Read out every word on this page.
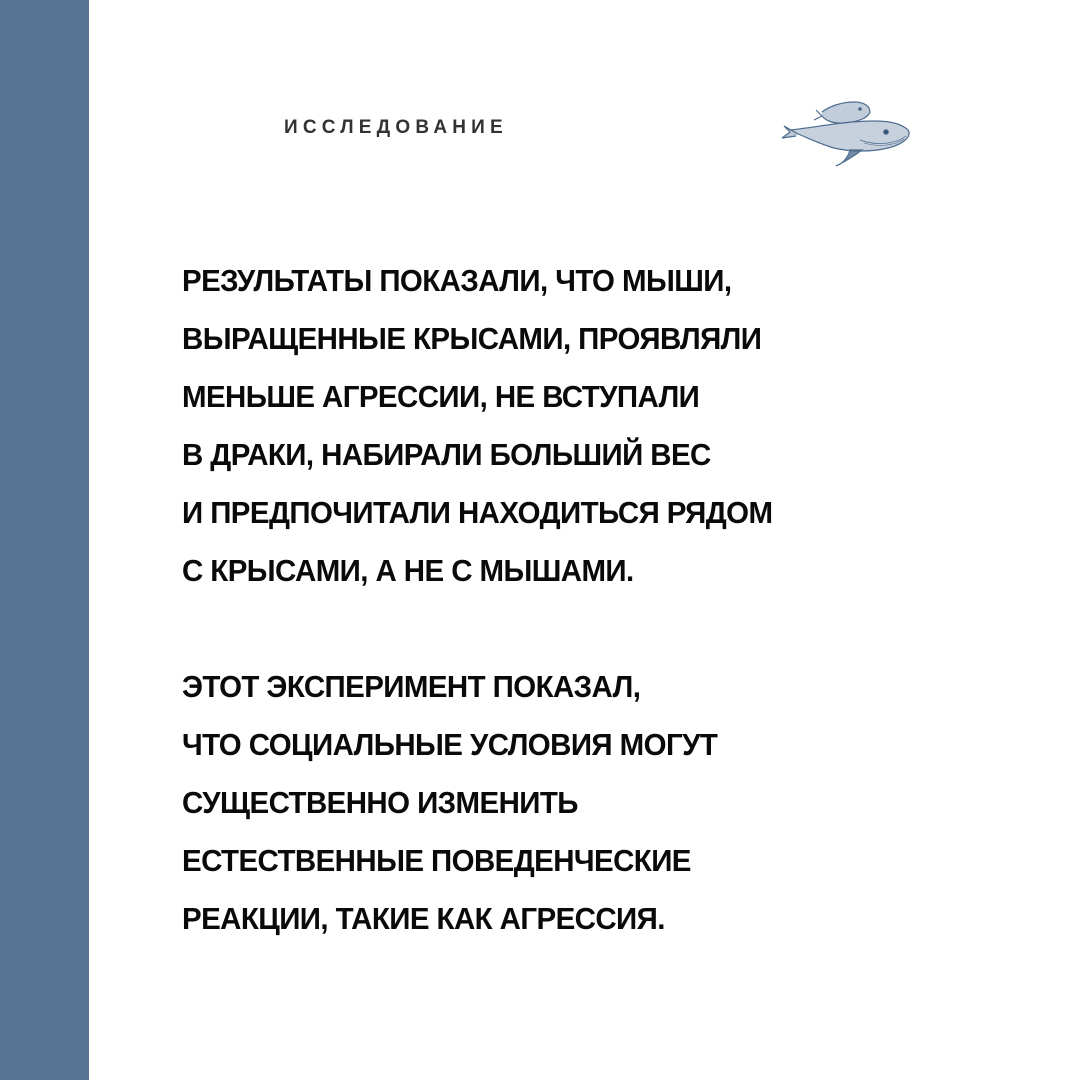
ИССЛЕДОВАНИЕ

РЕЗУЛЬТАТЫ ПОКАЗАЛИ, ЧТО МЫШИ,
ВЫРАЩЕННЫЕ КРЫСАМИ, ПРОЯВЛЯЛИ
МЕНЬШЕ АГРЕССИИ, НЕ ВСТУПАЛИ
В ДРАКИ, НАБИРАЛИ БОЛЬШИЙ ВЕС
И ПРЕДПОЧИТАЛИ НАХОДИТЬСЯ РЯДОМ
С КРЫСАМИ, А НЕ С МЫШАМИ.

ЭТОТ ЭКСПЕРИМЕНТ ПОКАЗАЛ,
ЧТО СОЦИАЛЬНЫЕ УСЛОВИЯ МОГУТ
СУЩЕСТВЕННО ИЗМЕНИТЬ
ЕСТЕСТВЕННЫЕ ПОВЕДЕНЧЕСКИЕ
РЕАКЦИИ, ТАКИЕ КАК АГРЕССИЯ.
